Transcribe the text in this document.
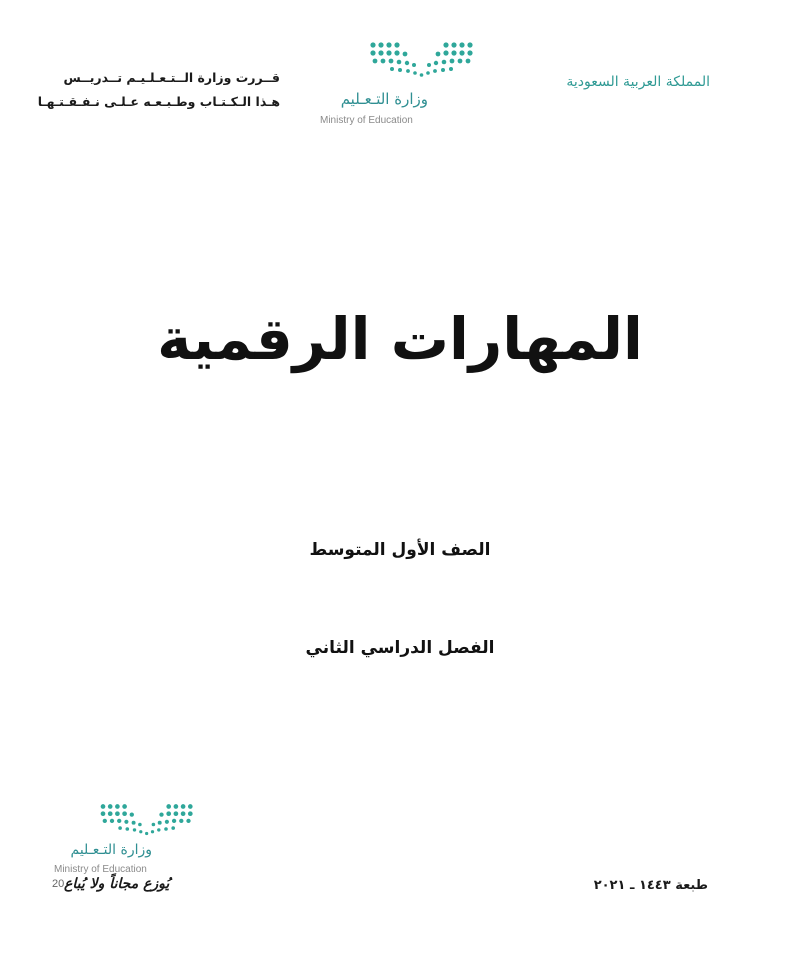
قــررت وزارة الــتـعـلـيـم تــدريــس
هـذا الـكـتـاب وطـبـعـه عـلـى نـفـقـتـهـا	وزارة التـعـليم
Ministry of Education
المملكة العربية السعودية
المهارات الرقمية
الصف الأول المتوسط
الفصل الدراسي الثاني
وزارة التـعـليم
Ministry of Education
20 يُوزع مجاناً ولا يُباع	طبعة ١٤٤٣ ـ ٢٠٢١
